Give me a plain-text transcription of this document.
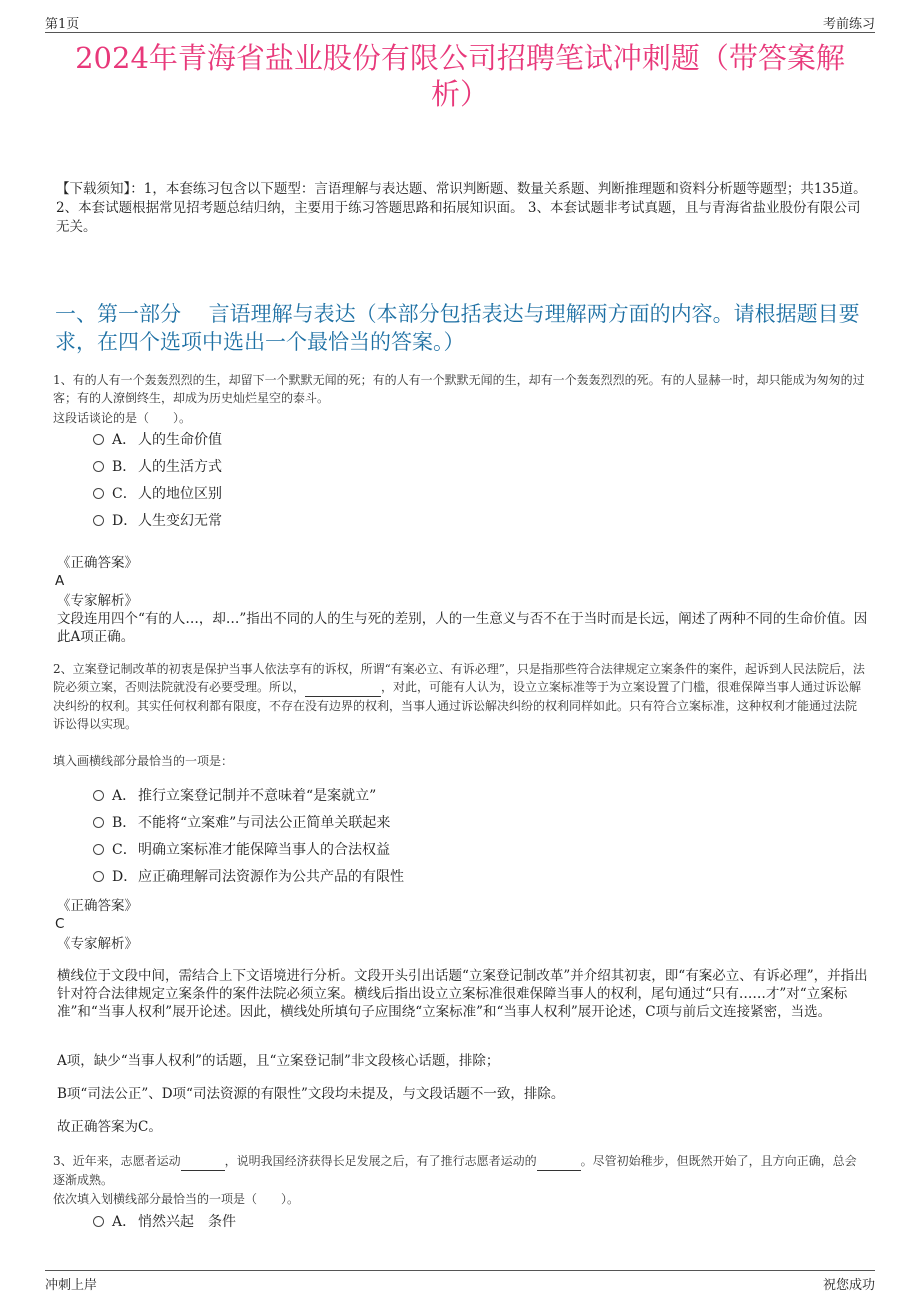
第1页	考前练习
2024年青海省盐业股份有限公司招聘笔试冲刺题（带答案解析）
【下载须知】：1，本套练习包含以下题型：言语理解与表达题、常识判断题、数量关系题、判断推理题和资料分析题等题型；共135道。 2、本套试题根据常见招考题总结归纳，主要用于练习答题思路和拓展知识面。 3、本套试题非考试真题，且与青海省盐业股份有限公司无关。
一、第一部分　 言语理解与表达（本部分包括表达与理解两方面的内容。请根据题目要求，在四个选项中选出一个最恰当的答案。）
1、有的人有一个轰轰烈烈的生，却留下一个默默无闻的死；有的人有一个默默无闻的生，却有一个轰轰烈烈的死。有的人显赫一时，却只能成为匆匆的过客；有的人潦倒终生，却成为历史灿烂星空的泰斗。
这段话谈论的是（　　）。
A． 人的生命价值
B． 人的生活方式
C．人的地位区别
D．人生变幻无常
《正确答案》
A
《专家解析》
文段连用四个“有的人…，却…”指出不同的人的生与死的差别，人的一生意义与否不在于当时而是长远，阐述了两种不同的生命价值。因此A项正确。
2、立案登记制改革的初衷是保护当事人依法享有的诉权，所谓“有案必立、有诉必理”，只是指那些符合法律规定立案条件的案件，起诉到人民法院后，法院必须立案，否则法院就没有必要受理。所以，	，对此，可能有人认为，设立立案标准等于为立案设置了门槛，很难保障当事人通过诉讼解决纠纷的权利。其实任何权利都有限度，不存在没有边界的权利，当事人通过诉讼解决纠纷的权利同样如此。只有符合立案标准，这种权利才能通过法院诉讼得以实现。
填入画横线部分最恰当的一项是：
A． 推行立案登记制并不意味着“是案就立”
B． 不能将“立案难”与司法公正简单关联起来
C．明确立案标准才能保障当事人的合法权益
D．应正确理解司法资源作为公共产品的有限性
《正确答案》
C
《专家解析》
横线位于文段中间，需结合上下文语境进行分析。文段开头引出话题“立案登记制改革”并介绍其初衷，即“有案必立、有诉必理”，并指出针对符合法律规定立案条件的案件法院必须立案。横线后指出设立立案标准很难保障当事人的权利，尾句通过“只有……才”对“立案标准”和“当事人权利”展开论述。因此，横线处所填句子应围绕“立案标准”和“当事人权利”展开论述，C项与前后文连接紧密，当选。
A项，缺少“当事人权利”的话题，且“立案登记制”非文段核心话题，排除；
B项“司法公正”、D项“司法资源的有限性”文段均未提及，与文段话题不一致，排除。
故正确答案为C。
3、近年来，志愿者运动	，说明我国经济获得长足发展之后，有了推行志愿者运动的	。尽管初始稚步，但既然开始了，且方向正确，总会逐渐成熟。
依次填入划横线部分最恰当的一项是（　　）。
A． 悄然兴起　条件
冲刺上岸	祝您成功
